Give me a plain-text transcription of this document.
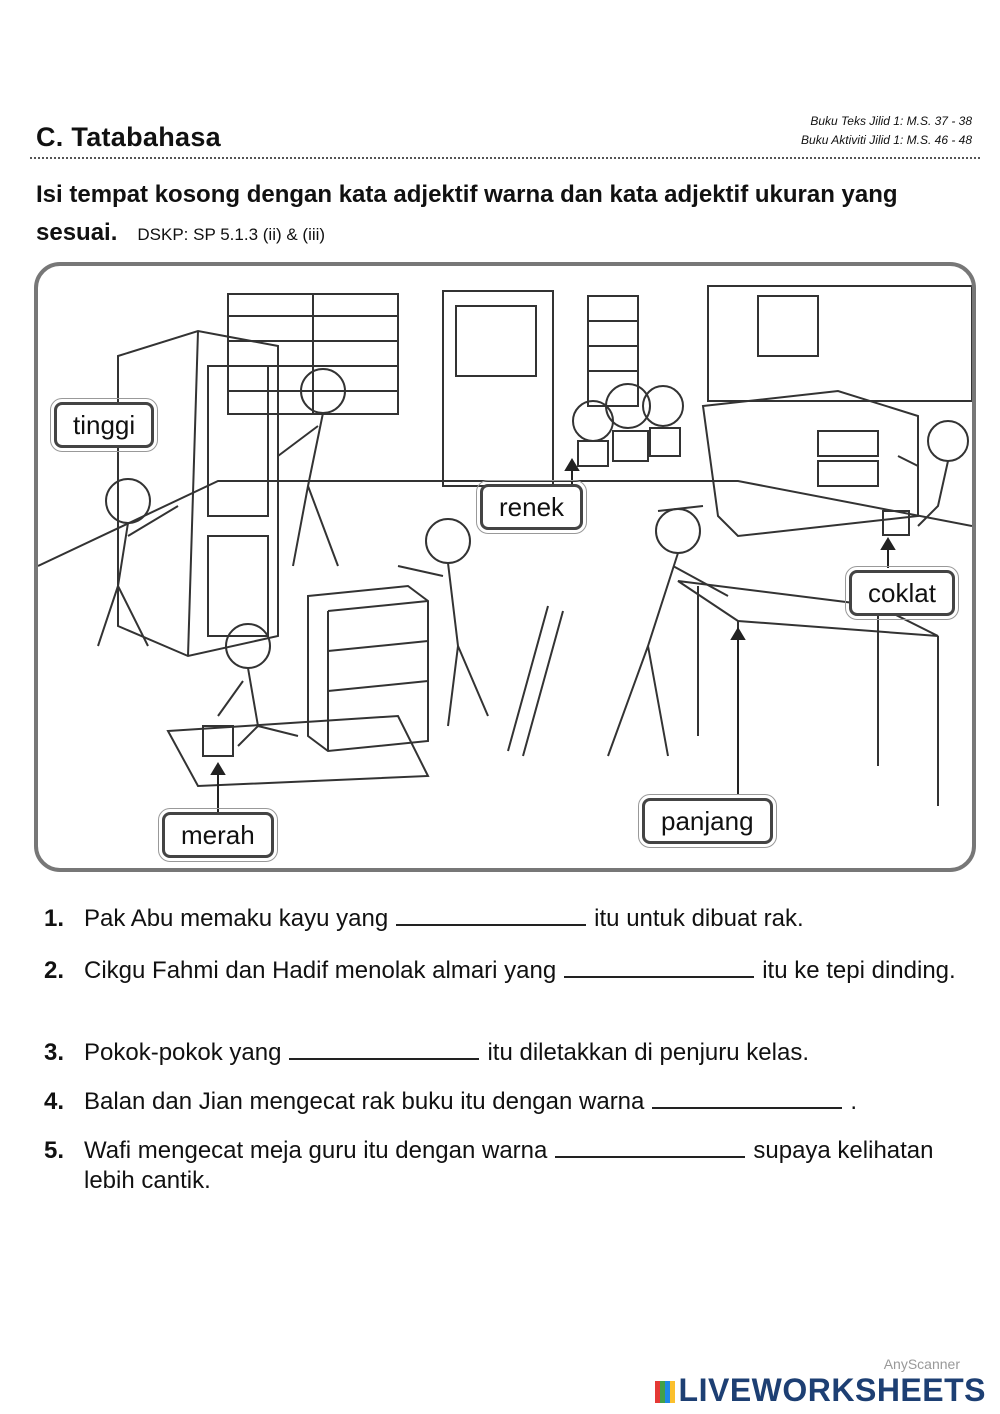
C. Tatabahasa
Buku Teks Jilid 1: M.S. 37 - 38
Buku Aktiviti Jilid 1: M.S. 46 - 48
Isi tempat kosong dengan kata adjektif warna dan kata adjektif ukuran yang sesuai. DSKP: SP 5.1.3 (ii) & (iii)
tinggi
renek
coklat
merah	panjang
1. Pak Abu memaku kayu yang	itu untuk dibuat rak.
2. Cikgu Fahmi dan Hadif menolak almari yang	itu ke tepi dinding.
3. Pokok-pokok yang	itu diletakkan di penjuru kelas.
4. Balan dan Jian mengecat rak buku itu dengan warna	.
5. Wafi mengecat meja guru itu dengan warna	supaya kelihatan lebih cantik.
AnyScanner
LIVEWORKSHEETS
